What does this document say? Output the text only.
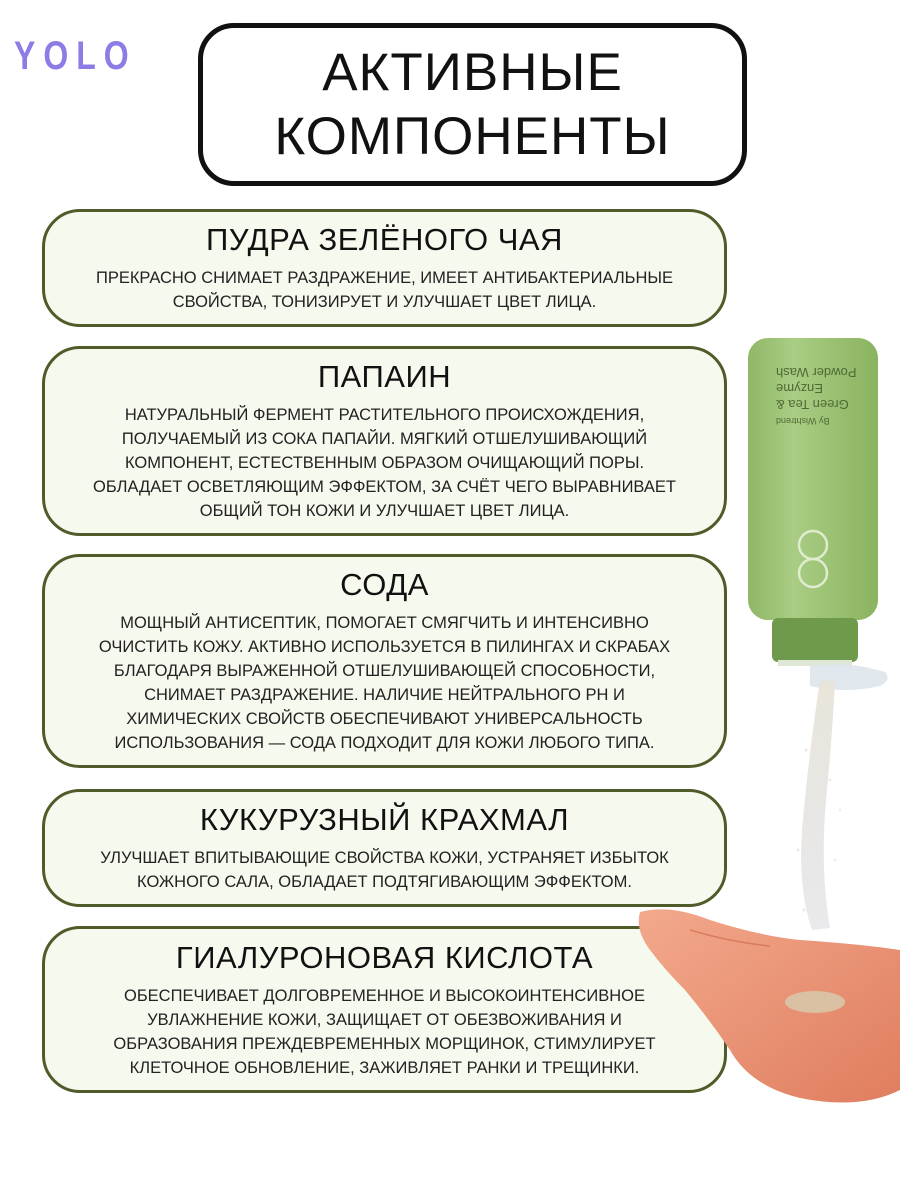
YOLO	АКТИВНЫЕ
КОМПОНЕНТЫ
ПУДРА ЗЕЛЁНОГО ЧАЯ

ПРЕКРАСНО СНИМАЕТ РАЗДРАЖЕНИЕ, ИМЕЕТ АНТИБАКТЕРИАЛЬНЫЕ
СВОЙСТВА, ТОНИЗИРУЕТ И УЛУЧШАЕТ ЦВЕТ ЛИЦА.

ПАПАИН

НАТУРАЛЬНЫЙ ФЕРМЕНТ РАСТИТЕЛЬНОГО ПРОИСХОЖДЕНИЯ,
ПОЛУЧАЕМЫЙ ИЗ СОКА ПАПАЙИ. МЯГКИЙ ОТШЕЛУШИВАЮЩИЙ
КОМПОНЕНТ, ЕСТЕСТВЕННЫМ ОБРАЗОМ ОЧИЩАЮЩИЙ ПОРЫ.
ОБЛАДАЕТ ОСВЕТЛЯЮЩИМ ЭФФЕКТОМ, ЗА СЧЁТ ЧЕГО ВЫРАВНИВАЕТ
ОБЩИЙ ТОН КОЖИ И УЛУЧШАЕТ ЦВЕТ ЛИЦА.

СОДА

МОЩНЫЙ АНТИСЕПТИК, ПОМОГАЕТ СМЯГЧИТЬ И ИНТЕНСИВНО
ОЧИСТИТЬ КОЖУ. АКТИВНО ИСПОЛЬЗУЕТСЯ В ПИЛИНГАХ И СКРАБАХ
БЛАГОДАРЯ ВЫРАЖЕННОЙ ОТШЕЛУШИВАЮЩЕЙ СПОСОБНОСТИ,
СНИМАЕТ РАЗДРАЖЕНИЕ. НАЛИЧИЕ НЕЙТРАЛЬНОГО PH И
ХИМИЧЕСКИХ СВОЙСТВ ОБЕСПЕЧИВАЮТ УНИВЕРСАЛЬНОСТЬ
ИСПОЛЬЗОВАНИЯ — СОДА ПОДХОДИТ ДЛЯ КОЖИ ЛЮБОГО ТИПА.

КУКУРУЗНЫЙ КРАХМАЛ

УЛУЧШАЕТ ВПИТЫВАЮЩИЕ СВОЙСТВА КОЖИ, УСТРАНЯЕТ ИЗБЫТОК
КОЖНОГО САЛА, ОБЛАДАЕТ ПОДТЯГИВАЮЩИМ ЭФФЕКТОМ.

ГИАЛУРОНОВАЯ КИСЛОТА

ОБЕСПЕЧИВАЕТ ДОЛГОВРЕМЕННОЕ И ВЫСОКОИНТЕНСИВНОЕ
УВЛАЖНЕНИЕ КОЖИ, ЗАЩИЩАЕТ ОТ ОБЕЗВОЖИВАНИЯ И
ОБРАЗОВАНИЯ ПРЕЖДЕВРЕМЕННЫХ МОРЩИНОК, СТИМУЛИРУЕТ
КЛЕТОЧНОЕ ОБНОВЛЕНИЕ, ЗАЖИВЛЯЕТ РАНКИ И ТРЕЩИНКИ.

By Wishtrend
Green Tea &
Enzyme
Powder Wash
